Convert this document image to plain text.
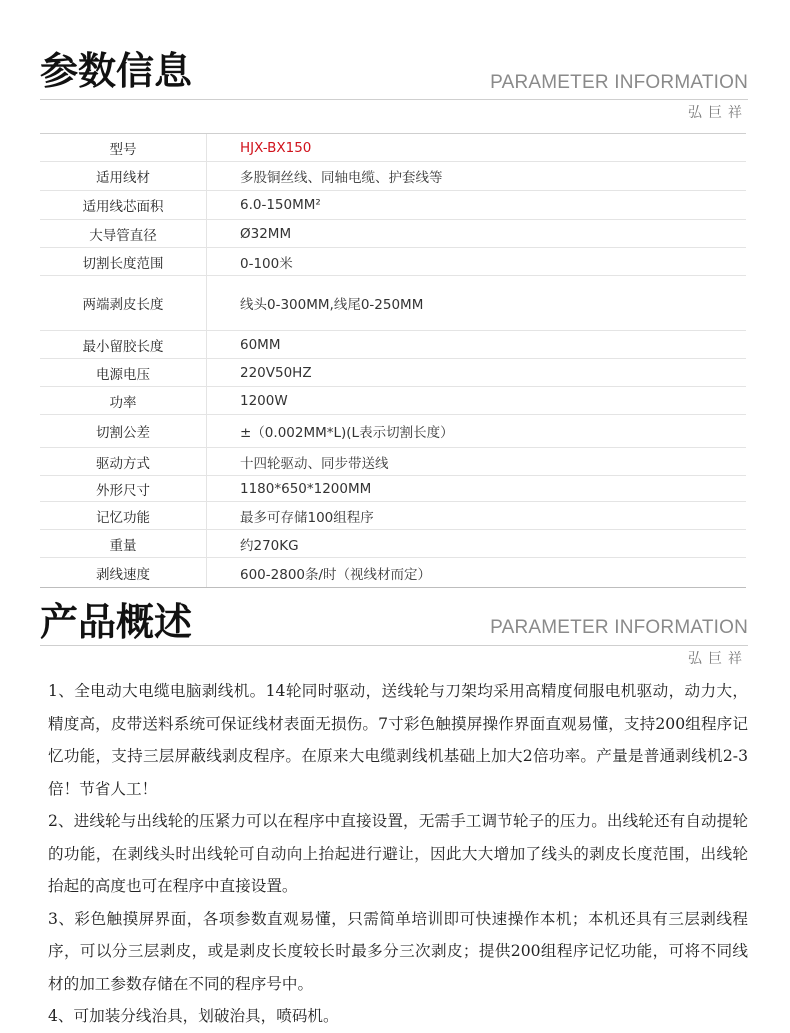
参数信息	PARAMETER INFORMATION
弘巨祥
型号	HJX-BX150
适用线材	多股铜丝线、同轴电缆、护套线等
适用线芯面积	6.0-150MM²
大导管直径	Ø32MM
切割长度范围	0-100米
两端剥皮长度	线头0-300MM,线尾0-250MM
最小留胶长度	60MM
电源电压	220V50HZ
功率	1200W
切割公差	±（0.002MM*L)(L表示切割长度）
驱动方式	十四轮驱动、同步带送线
外形尺寸	1180*650*1200MM
记忆功能	最多可存储100组程序
重量	约270KG
剥线速度	600-2800条/时（视线材而定）
产品概述	PARAMETER INFORMATION
弘巨祥

1、全电动大电缆电脑剥线机。14轮同时驱动，送线轮与刀架均采用高精度伺服电机驱动，动力大，精度高，皮带送料系统可保证线材表面无损伤。7寸彩色触摸屏操作界面直观易懂，支持200组程序记忆功能，支持三层屏蔽线剥皮程序。在原来大电缆剥线机基础上加大2倍功率。产量是普通剥线机2-3倍！节省人工！

2、进线轮与出线轮的压紧力可以在程序中直接设置，无需手工调节轮子的压力。出线轮还有自动提轮的功能，在剥线头时出线轮可自动向上抬起进行避让，因此大大增加了线头的剥皮长度范围，出线轮抬起的高度也可在程序中直接设置。

3、彩色触摸屏界面，各项参数直观易懂，只需简单培训即可快速操作本机；本机还具有三层剥线程序，可以分三层剥皮，或是剥皮长度较长时最多分三次剥皮；提供200组程序记忆功能，可将不同线材的加工参数存储在不同的程序号中。

4、可加装分线治具，划破治具，喷码机。
